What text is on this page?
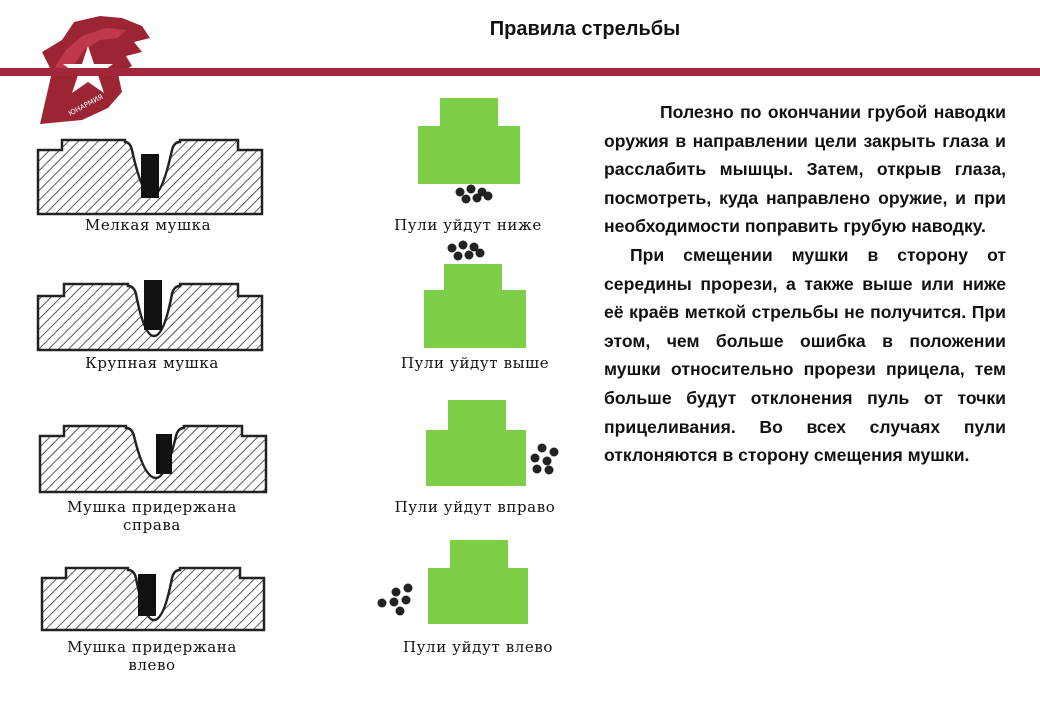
ЮНАРМИЯ
Правила стрельбы
Мелкая мушка	Пули уйдут ниже
Крупная мушка	Пули уйдут выше
Мушка придержана
справа
Пули уйдут вправо
Мушка придержана
влево
Пули уйдут влево

Полезно по окончании грубой наводки оружия в направлении цели закрыть глаза и расслабить мышцы. Затем, открыв глаза, посмотреть, куда направлено оружие, и при необходимости поправить грубую наводку.

При смещении мушки в сторону от середины прорези, а также выше или ниже её краёв меткой стрельбы не получится. При этом, чем больше ошибка в положении мушки относительно прорези прицела, тем больше будут отклонения пуль от точки прицеливания. Во всех случаях пули отклоняются в сторону смещения мушки.
